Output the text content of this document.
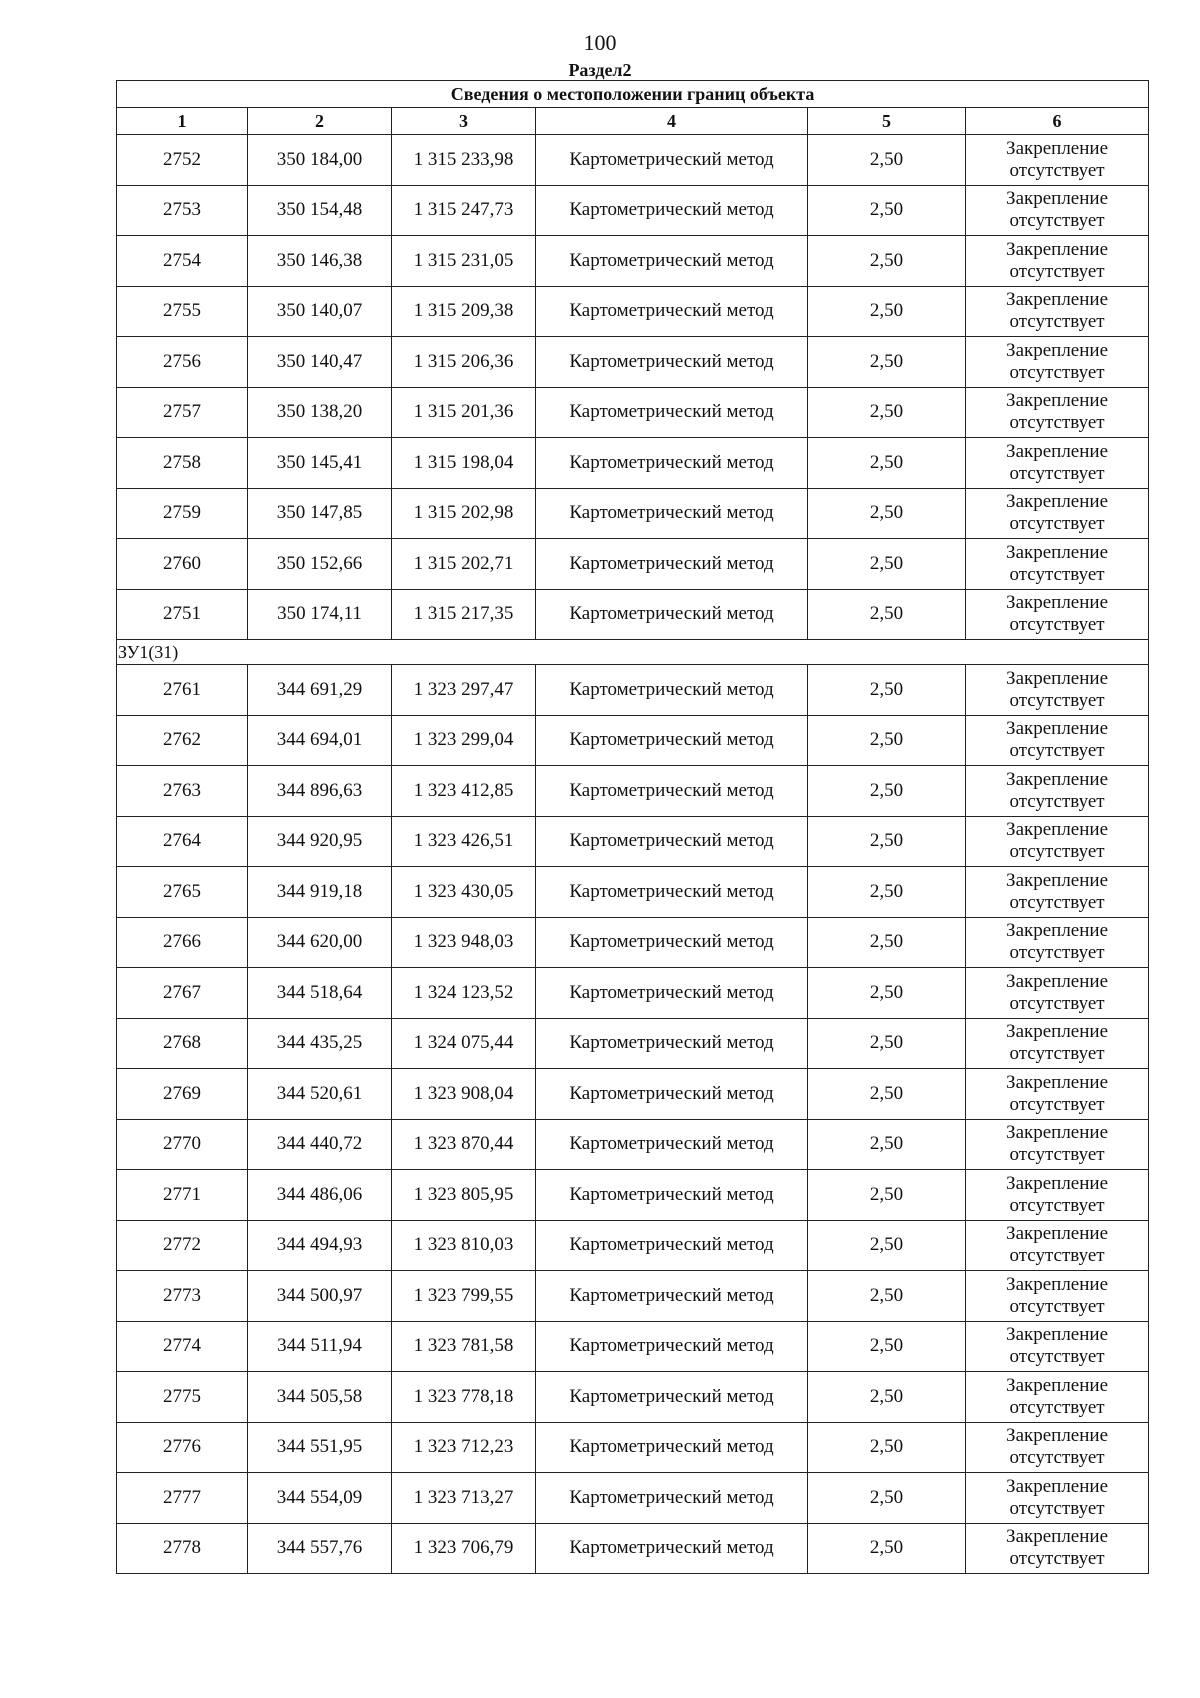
100
Раздел2
Сведения о местоположении границ объекта					
1	2	3	4	5	6
2752	350 184,00	1 315 233,98	Картометрический метод	2,50	Закрепление
отсутствует

2753	350 154,48	1 315 247,73	Картометрический метод	2,50	Закрепление
отсутствует

2754	350 146,38	1 315 231,05	Картометрический метод	2,50	Закрепление
отсутствует

2755	350 140,07	1 315 209,38	Картометрический метод	2,50	Закрепление
отсутствует

2756	350 140,47	1 315 206,36	Картометрический метод	2,50	Закрепление
отсутствует

2757	350 138,20	1 315 201,36	Картометрический метод	2,50	Закрепление
отсутствует

2758	350 145,41	1 315 198,04	Картометрический метод	2,50	Закрепление
отсутствует

2759	350 147,85	1 315 202,98	Картометрический метод	2,50	Закрепление
отсутствует

2760	350 152,66	1 315 202,71	Картометрический метод	2,50	Закрепление
отсутствует

2751	350 174,11	1 315 217,35	Картометрический метод	2,50	Закрепление
отсутствует

ЗУ1(31)					
2761	344 691,29	1 323 297,47	Картометрический метод	2,50	Закрепление
отсутствует

2762	344 694,01	1 323 299,04	Картометрический метод	2,50	Закрепление
отсутствует

2763	344 896,63	1 323 412,85	Картометрический метод	2,50	Закрепление
отсутствует

2764	344 920,95	1 323 426,51	Картометрический метод	2,50	Закрепление
отсутствует

2765	344 919,18	1 323 430,05	Картометрический метод	2,50	Закрепление
отсутствует

2766	344 620,00	1 323 948,03	Картометрический метод	2,50	Закрепление
отсутствует

2767	344 518,64	1 324 123,52	Картометрический метод	2,50	Закрепление
отсутствует

2768	344 435,25	1 324 075,44	Картометрический метод	2,50	Закрепление
отсутствует

2769	344 520,61	1 323 908,04	Картометрический метод	2,50	Закрепление
отсутствует

2770	344 440,72	1 323 870,44	Картометрический метод	2,50	Закрепление
отсутствует

2771	344 486,06	1 323 805,95	Картометрический метод	2,50	Закрепление
отсутствует

2772	344 494,93	1 323 810,03	Картометрический метод	2,50	Закрепление
отсутствует

2773	344 500,97	1 323 799,55	Картометрический метод	2,50	Закрепление
отсутствует

2774	344 511,94	1 323 781,58	Картометрический метод	2,50	Закрепление
отсутствует

2775	344 505,58	1 323 778,18	Картометрический метод	2,50	Закрепление
отсутствует

2776	344 551,95	1 323 712,23	Картометрический метод	2,50	Закрепление
отсутствует

2777	344 554,09	1 323 713,27	Картометрический метод	2,50	Закрепление
отсутствует

2778	344 557,76	1 323 706,79	Картометрический метод	2,50	Закрепление
отсутствует
